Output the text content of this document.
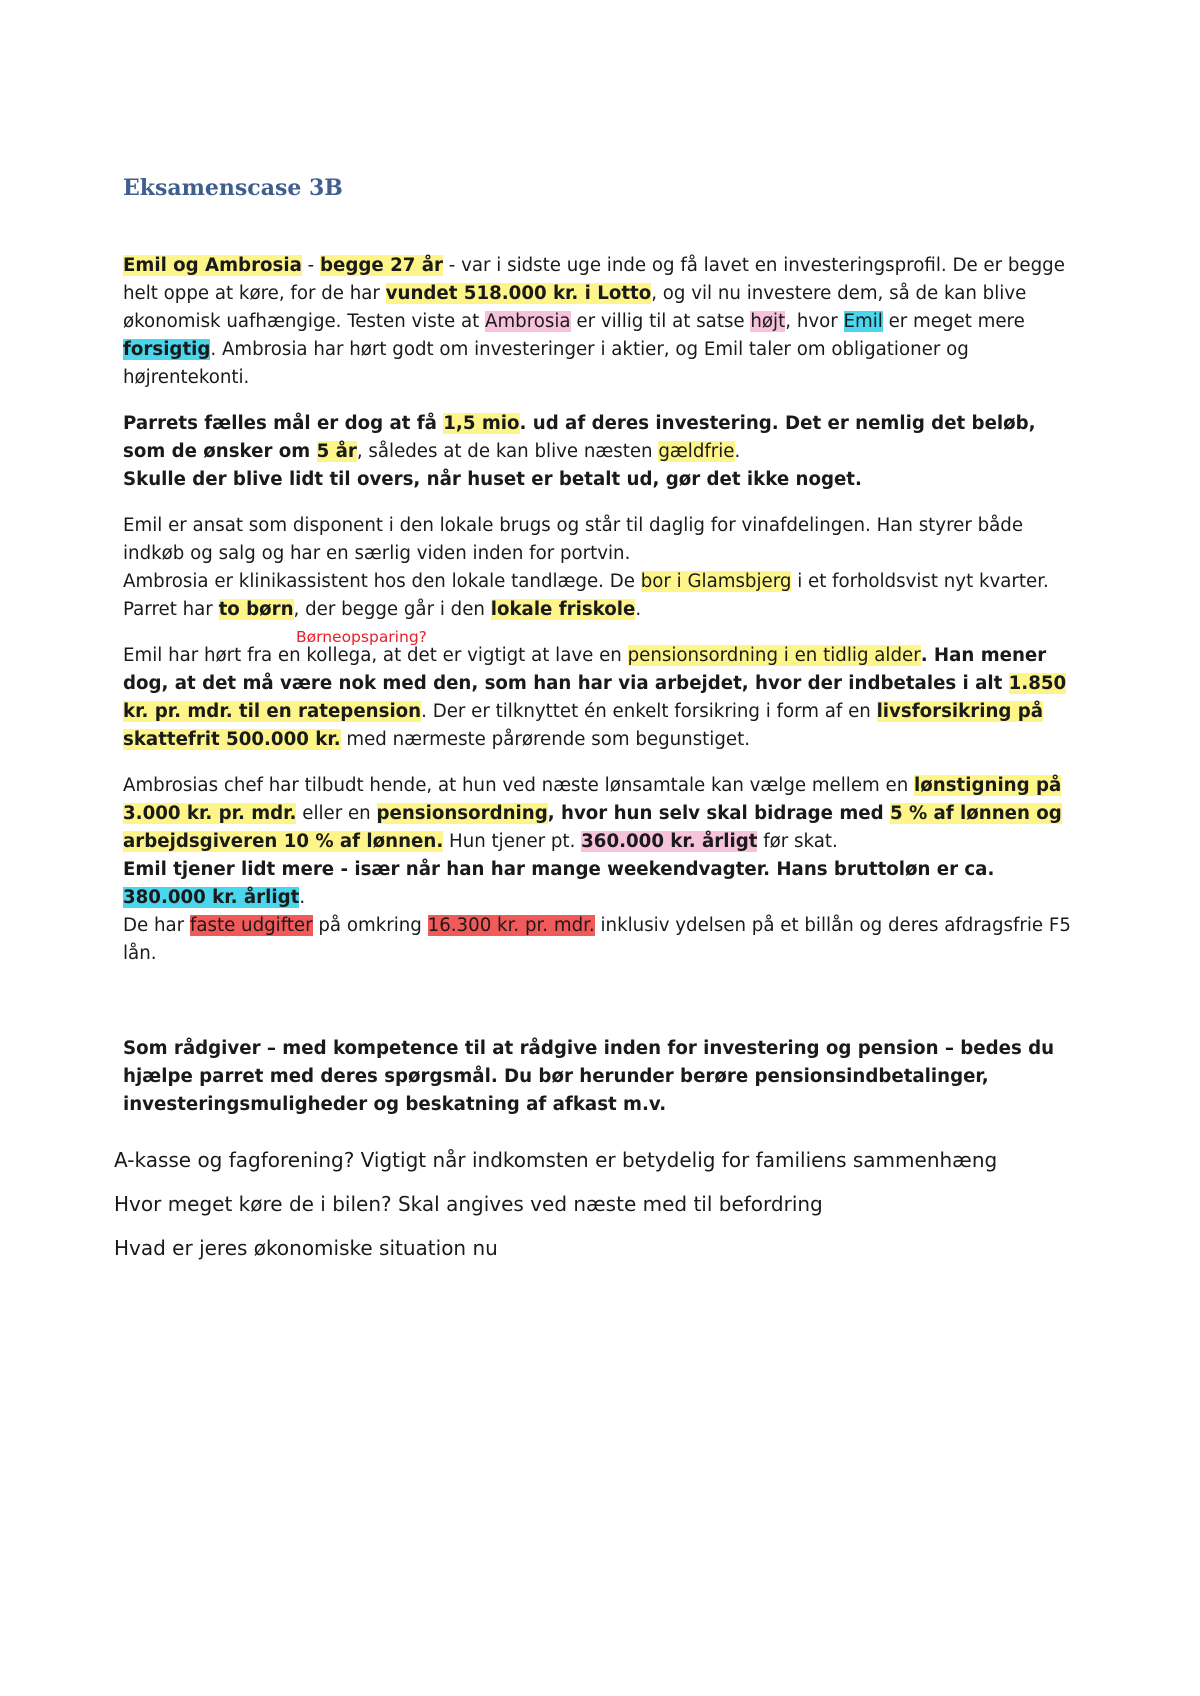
Eksamenscase 3B

Emil og Ambrosia - begge 27 år - var i sidste uge inde og få lavet en investeringsprofil. De er begge helt oppe at køre, for de har vundet 518.000 kr. i Lotto, og vil nu investere dem, så de kan blive økonomisk uafhængige. Testen viste at Ambrosia er villig til at satse højt, hvor Emil er meget mere forsigtig. Ambrosia har hørt godt om investeringer i aktier, og Emil taler om obligationer og højrentekonti.

Parrets fælles mål er dog at få 1,5 mio. ud af deres investering. Det er nemlig det beløb, som de ønsker om 5 år, således at de kan blive næsten gældfrie.
Skulle der blive lidt til overs, når huset er betalt ud, gør det ikke noget.

Emil er ansat som disponent i den lokale brugs og står til daglig for vinafdelingen. Han styrer både indkøb og salg og har en særlig viden inden for portvin.
Ambrosia er klinikassistent hos den lokale tandlæge. De bor i Glamsbjerg i et forholdsvist nyt kvarter. Parret har to børn, der begge går i den lokale friskole.

Emil har hørt fra en kollega, at det er vigtigt at lave en pensionsordning i en tidlig alder. Han mener dog, at det må være nok med den, som han har via arbejdet, hvor der indbetales i alt 1.850 kr. pr. mdr. til en ratepension. Der er tilknyttet én enkelt forsikring i form af en livsforsikring på skattefrit 500.000 kr. med nærmeste pårørende som begunstiget.

Ambrosias chef har tilbudt hende, at hun ved næste lønsamtale kan vælge mellem en lønstigning på 3.000 kr. pr. mdr. eller en pensionsordning, hvor hun selv skal bidrage med 5 % af lønnen og arbejdsgiveren 10 % af lønnen. Hun tjener pt. 360.000 kr. årligt før skat.
Emil tjener lidt mere - især når han har mange weekendvagter. Hans bruttoløn er ca. 380.000 kr. årligt.
De har faste udgifter på omkring 16.300 kr. pr. mdr. inklusiv ydelsen på et billån og deres afdragsfrie F5 lån.

Børneopsparing?

Som rådgiver – med kompetence til at rådgive inden for investering og pension – bedes du hjælpe parret med deres spørgsmål. Du bør herunder berøre pensionsindbetalinger, investeringsmuligheder og beskatning af afkast m.v.

A-kasse og fagforening? Vigtigt når indkomsten er betydelig for familiens sammenhæng

Hvor meget køre de i bilen? Skal angives ved næste med til befordring

Hvad er jeres økonomiske situation nu
